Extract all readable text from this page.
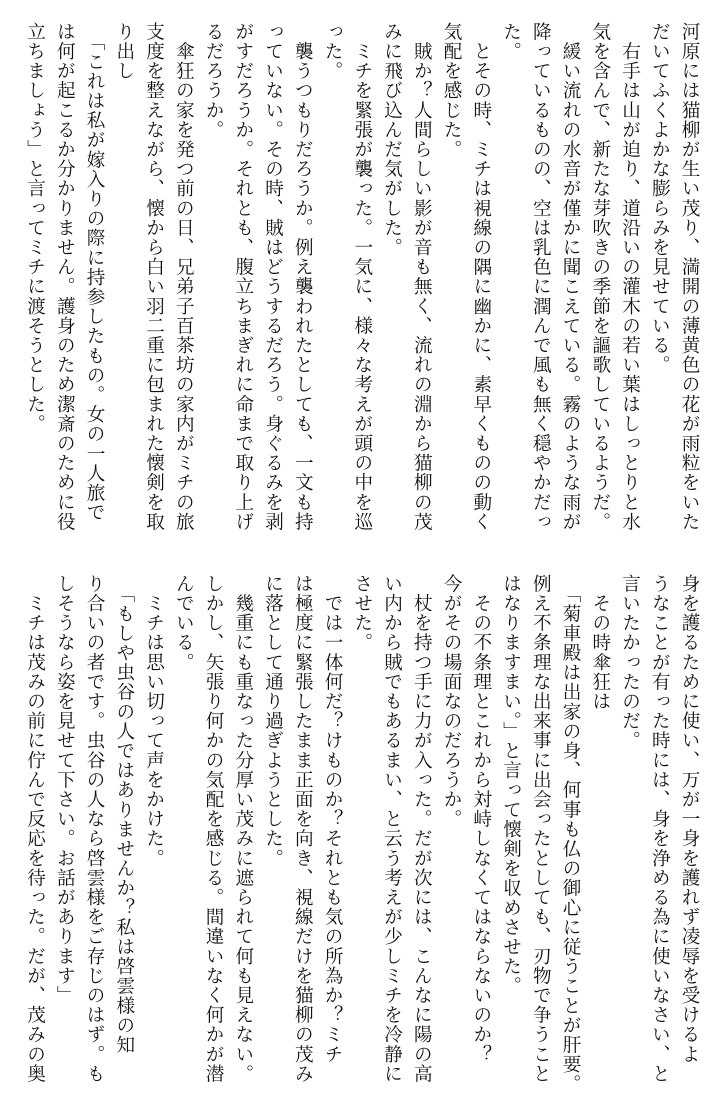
河原には猫柳が生い茂り、満開の薄黄色の花が雨粒をいた
だいてふくよかな膨らみを見せている。
　右手は山が迫り、道沿いの灌木の若い葉はしっとりと水
気を含んで、新たな芽吹きの季節を謳歌しているようだ。
　緩い流れの水音が僅かに聞こえている。霧のような雨が
降っているものの、空は乳色に潤んで風も無く穏やかだっ
た。
　とその時、ミチは視線の隅に幽かに、素早くものの動く
気配を感じた。
　賊か？人間らしい影が音も無く、流れの淵から猫柳の茂
みに飛び込んだ気がした。
　ミチを緊張が襲った。一気に、様々な考えが頭の中を巡
った。
　襲うつもりだろうか。例え襲われたとしても、一文も持
っていない。その時、賊はどうするだろう。身ぐるみを剥
がすだろうか。それとも、腹立ちまぎれに命まで取り上げ
るだろうか。
　傘狂の家を発つ前の日、兄弟子百茶坊の家内がミチの旅
支度を整えながら、懐から白い羽二重に包まれた懐剣を取
り出し
　「これは私が嫁入りの際に持参したもの。女の一人旅で
は何が起こるか分かりません。護身のため潔斎のために役
立ちましょう」と言ってミチに渡そうとした。
身を護るために使い、万が一身を護れず凌辱を受けるよ
うなことが有った時には、身を浄める為に使いなさい、と
言いたかったのだ。
　その時傘狂は
　「菊車殿は出家の身、何事も仏の御心に従うことが肝要。
例え不条理な出来事に出会ったとしても、刃物で争うこと
はなりますまい。」と言って懐剣を収めさせた。
　その不条理とこれから対峙しなくてはならないのか？
今がその場面なのだろうか。
　杖を持つ手に力が入った。だが次には、こんなに陽の高
い内から賊でもあるまい、と云う考えが少しミチを冷静に
させた。
　では一体何だ？けものか？それとも気の所為か？ミチ
は極度に緊張したまま正面を向き、視線だけを猫柳の茂み
に落として通り過ぎようとした。
　幾重にも重なった分厚い茂みに遮られて何も見えない。
しかし、矢張り何かの気配を感じる。間違いなく何かが潜
んでいる。
　ミチは思い切って声をかけた。
　「もしや虫谷の人ではありませんか？私は啓雲様の知
り合いの者です。虫谷の人なら啓雲様をご存じのはず。も
しそうなら姿を見せて下さい。お話があります」
　ミチは茂みの前に佇んで反応を待った。だが、茂みの奥
